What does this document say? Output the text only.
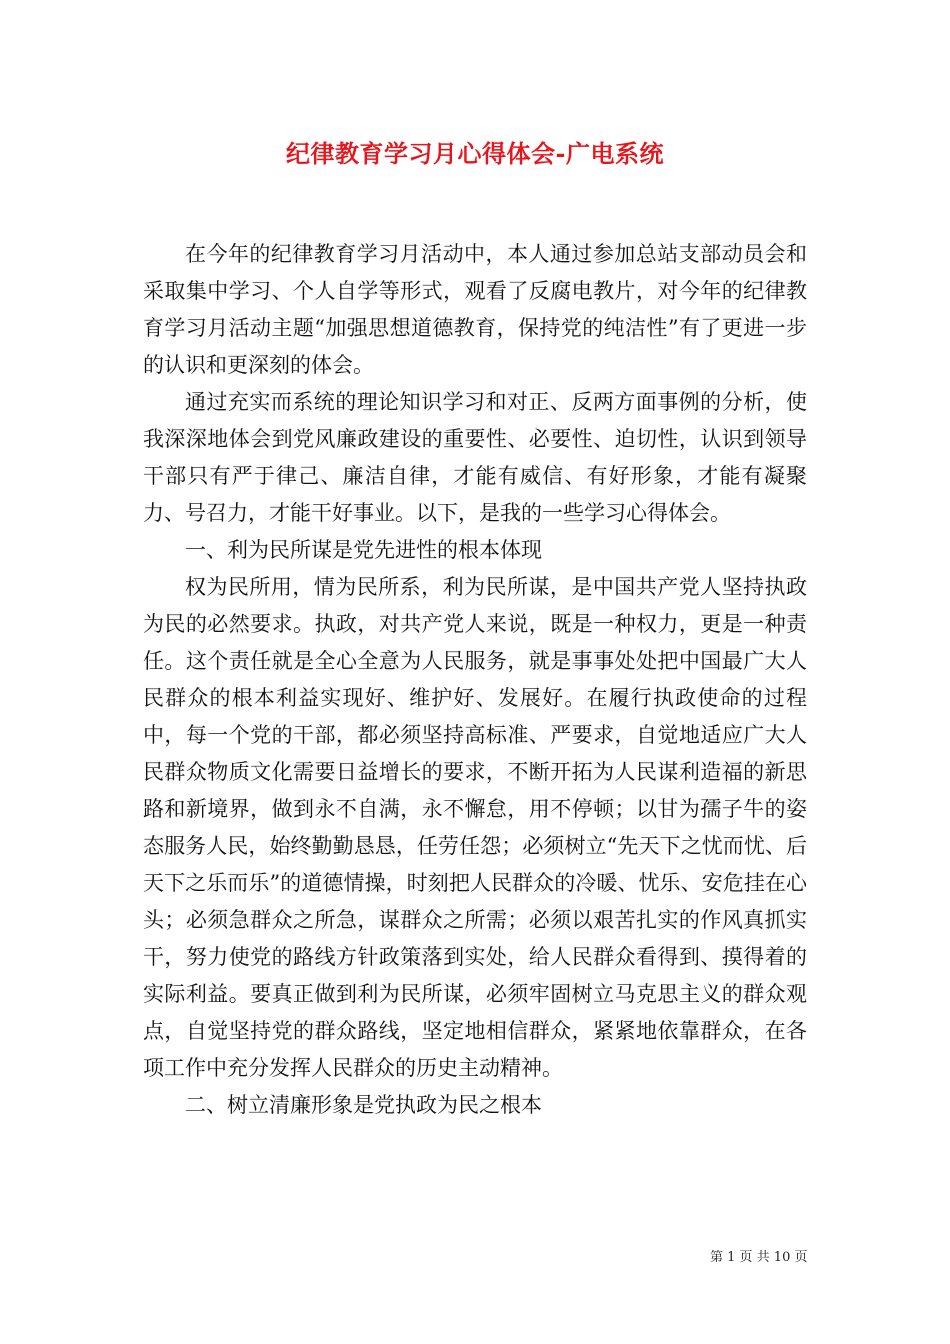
纪律教育学习月心得体会-广电系统

在今年的纪律教育学习月活动中，本人通过参加总站支部动员会和采取集中学习、个人自学等形式，观看了反腐电教片，对今年的纪律教育学习月活动主题“加强思想道德教育，保持党的纯洁性”有了更进一步的认识和更深刻的体会。

通过充实而系统的理论知识学习和对正、反两方面事例的分析，使我深深地体会到党风廉政建设的重要性、必要性、迫切性，认识到领导干部只有严于律己、廉洁自律，才能有威信、有好形象，才能有凝聚力、号召力，才能干好事业。以下，是我的一些学习心得体会。

一、利为民所谋是党先进性的根本体现

权为民所用，情为民所系，利为民所谋，是中国共产党人坚持执政为民的必然要求。执政，对共产党人来说，既是一种权力，更是一种责任。这个责任就是全心全意为人民服务，就是事事处处把中国最广大人民群众的根本利益实现好、维护好、发展好。在履行执政使命的过程中，每一个党的干部，都必须坚持高标准、严要求，自觉地适应广大人民群众物质文化需要日益增长的要求，不断开拓为人民谋利造福的新思路和新境界，做到永不自满，永不懈怠，用不停顿；以甘为孺子牛的姿态服务人民，始终勤勤恳恳，任劳任怨；必须树立“先天下之忧而忧、后天下之乐而乐”的道德情操，时刻把人民群众的冷暖、忧乐、安危挂在心头；必须急群众之所急，谋群众之所需；必须以艰苦扎实的作风真抓实干，努力使党的路线方针政策落到实处，给人民群众看得到、摸得着的实际利益。要真正做到利为民所谋，必须牢固树立马克思主义的群众观点，自觉坚持党的群众路线，坚定地相信群众，紧紧地依靠群众，在各项工作中充分发挥人民群众的历史主动精神。

二、树立清廉形象是党执政为民之根本

第 1 页 共 10 页
